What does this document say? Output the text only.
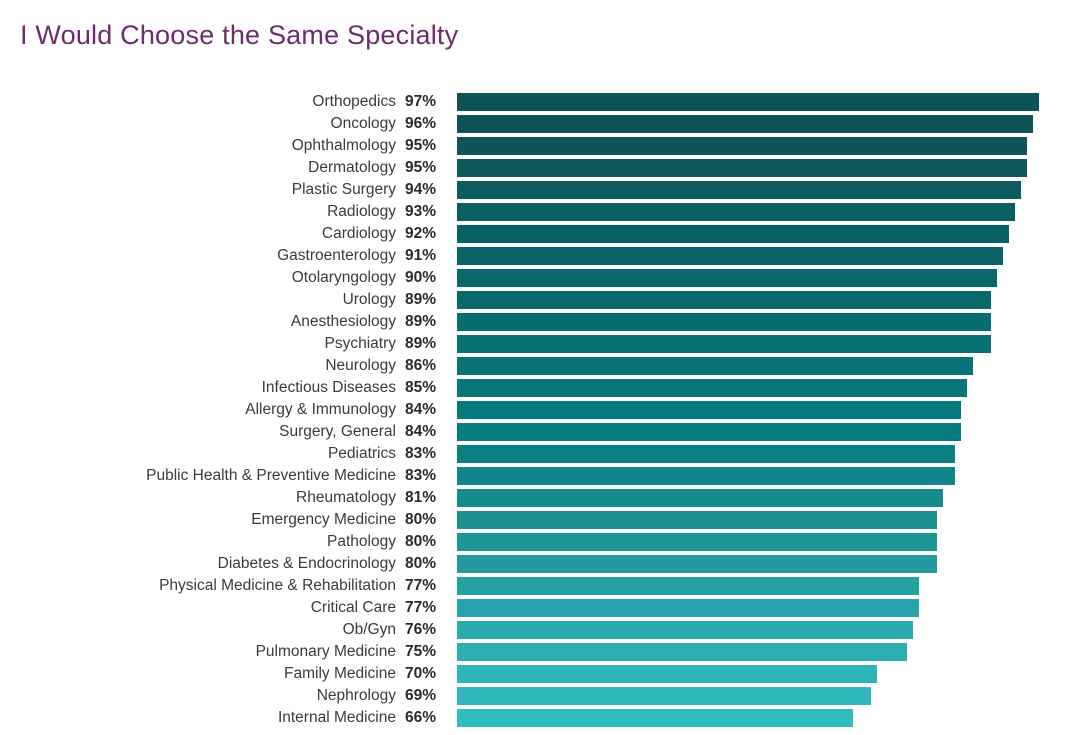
I Would Choose the Same Specialty
Orthopedics 97%
Oncology 96%
Ophthalmology 95%
Dermatology 95%
Plastic Surgery 94%
Radiology 93%
Cardiology 92%
Gastroenterology 91%
Otolaryngology 90%
Urology 89%
Anesthesiology 89%
Psychiatry 89%
Neurology 86%
Infectious Diseases 85%
Allergy & Immunology 84%
Surgery, General 84%
Pediatrics 83%
Public Health & Preventive Medicine 83%
Rheumatology 81%
Emergency Medicine 80%
Pathology 80%
Diabetes & Endocrinology 80%
Physical Medicine & Rehabilitation 77%
Critical Care 77%
Ob/Gyn 76%
Pulmonary Medicine 75%
Family Medicine 70%
Nephrology 69%
Internal Medicine 66%
